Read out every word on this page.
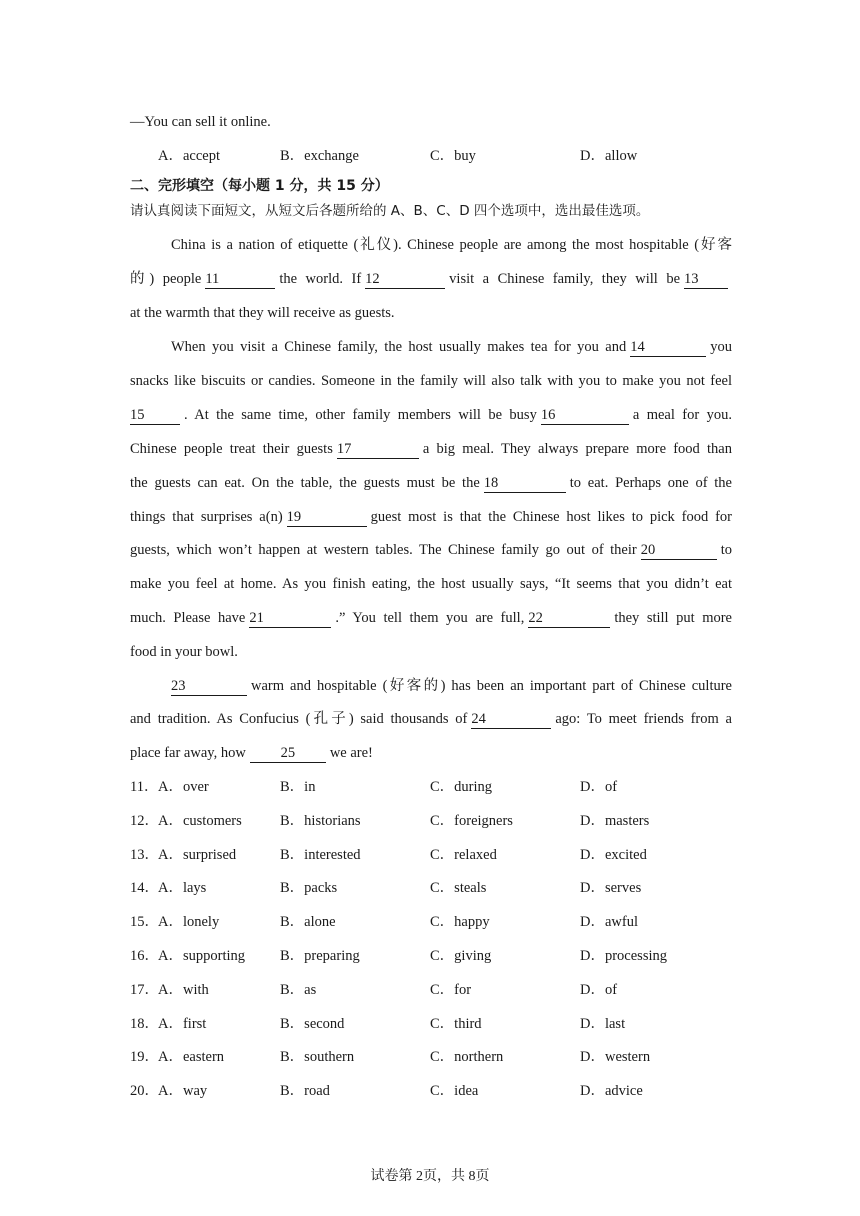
—You can sell it online.
A．accept	B．exchange	C．buy	D．allow
二、完形填空（每小题 1 分，共 15 分）
请认真阅读下面短文，从短文后各题所给的 A、B、C、D 四个选项中，选出最佳选项。
China is a nation of etiquette (礼仪). Chinese people are among the most hospitable (好客
的) people 11	the world. If 12	visit a Chinese family, they will be 13
at the warmth that they will receive as guests.
When you visit a Chinese family, the host usually makes tea for you and 14	you
snacks like biscuits or candies. Someone in the family will also talk with you to make you not feel
15	. At the same time, other family members will be busy 16	a meal for you.
Chinese people treat their guests 17	a big meal. They always prepare more food than
the guests can eat. On the table, the guests must be the 18	to eat. Perhaps one of the
things that surprises a(n) 19	guest most is that the Chinese host likes to pick food for
guests, which won’t happen at western tables. The Chinese family go out of their 20	to
make you feel at home. As you finish eating, the host usually says, “It seems that you didn’t eat
much. Please have 21	.” You tell them you are full, 22	they still put more
food in your bowl.
23	warm and hospitable (好客的) has been an important part of Chinese culture
and tradition. As Confucius (孔子) said thousands of 24	ago: To meet friends from a
place far away, how 25 we are!
11． A．over	B．in	C．during	D．of
12． A．customers	B．historians	C．foreigners	D．masters
13． A．surprised	B．interested	C．relaxed	D．excited
14． A．lays	B．packs	C．steals	D．serves
15． A．lonely	B．alone	C．happy	D．awful
16． A．supporting B．preparing	C．giving	D．processing
17． A．with	B．as	C．for	D．of
18． A．first	B．second	C．third	D．last
19． A．eastern	B．southern	C．northern	D．western
20． A．way	B．road	C．idea	D．advice
试卷第 2页，共 8页
